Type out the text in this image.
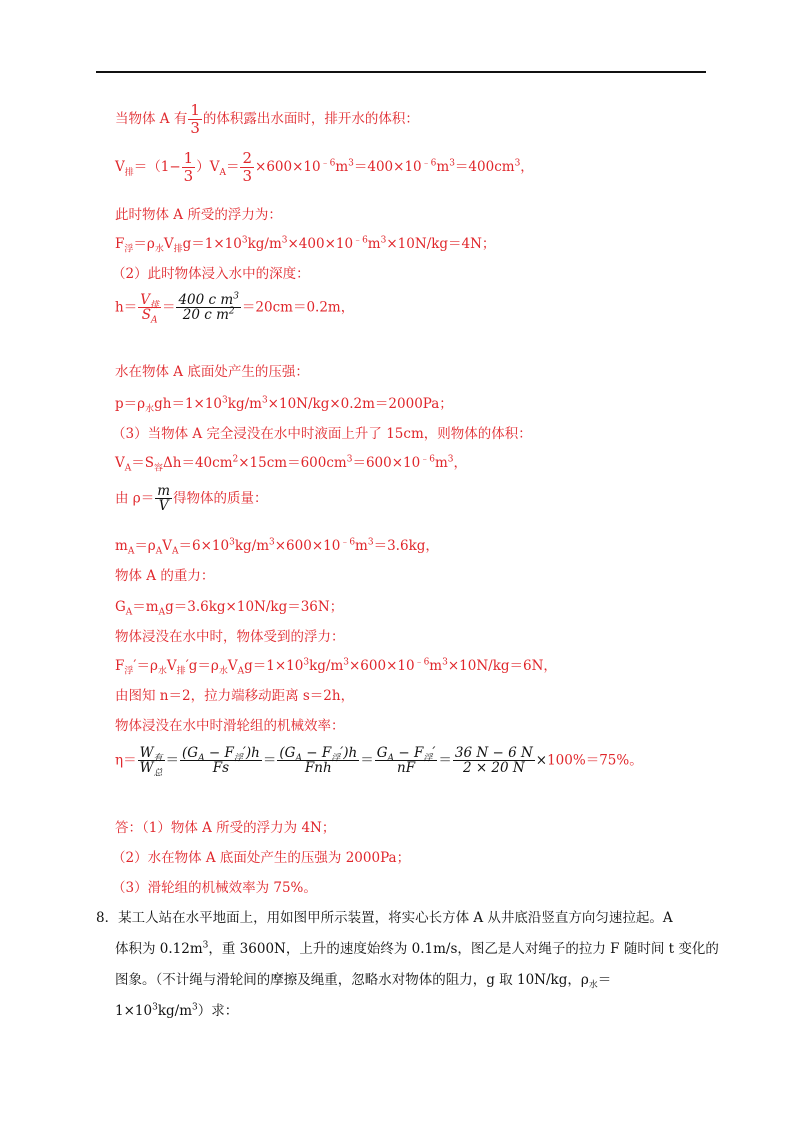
当物体 A 有 $\frac{1}{3}$ 的体积露出水面时，排开水的体积：
$V_排=(1- \frac{1}{3} )V_A= \frac{2}{3} \times 600\times 10^{﹣6}m^3=400\times 10^{﹣6}m^3=400cm^3$，
此时物体 A 所受的浮力为：
$F_浮=\rho_水V_排g=1\times 10^3kg/m^3\times 400\times 10^{﹣6}m^3\times 10N/kg=4N$；
（2）此时物体浸入水中的深度：
$h= \frac{V_排}{S_A} = \frac{400 c m^3}{20 c m^2} =20cm=0.2m$，
水在物体 A 底面处产生的压强：
$p=\rho_水gh=1\times 10^3kg/m^3\times 10N/kg\times 0.2m=2000Pa$；
（3）当物体 A 完全浸没在水中时液面上升了 15cm，则物体的体积：
$V_A=S_容\Delta h=40cm^2\times 15cm=600cm^3=600\times 10^{﹣6}m^3$，
由 $\rho= \frac{m}{V}$ 得物体的质量：
$m_A=\rho_AV_A=6\times 10^3kg/m^3\times 600\times 10^{﹣6}m^3=3.6kg$，
物体 A 的重力：
$G_A=m_Ag=3.6kg\times 10N/kg=36N$；
物体浸没在水中时，物体受到的浮力：
$F_浮'=\rho_水V_排'g=\rho_水V_Ag=1\times 10^3kg/m^3\times 600\times 10^{﹣6}m^3\times 10N/kg=6N$，
由图知 n＝2，拉力端移动距离 s＝2h，
物体浸没在水中时滑轮组的机械效率：
$\eta= \frac{W_有}{W_总} = \frac{(G_A - F_浮')ℎ}{Fs} = \frac{(G_A - F_浮')ℎ}{\text{Fnℎ}} = \frac{G_A - F_浮'}{nF} = \frac{36 N - 6 N}{2 \times 20 N} \times 100\%=75\%$。
答：（1）物体 A 所受的浮力为 4N；
（2）水在物体 A 底面处产生的压强为 2000Pa；
（3）滑轮组的机械效率为 75%。
8．某工人站在水平地面上，用如图甲所示装置，将实心长方体 A 从井底沿竖直方向匀速拉起。A
体积为 $0.12m^3$，重 3600N，上升的速度始终为 0.1m/s，图乙是人对绳子的拉力 F 随时间 t 变化的
图象。（不计绳与滑轮间的摩擦及绳重，忽略水对物体的阻力，g 取 10N/kg，$\rho_水=$
$1\times 10^3kg/m^3$）求：
